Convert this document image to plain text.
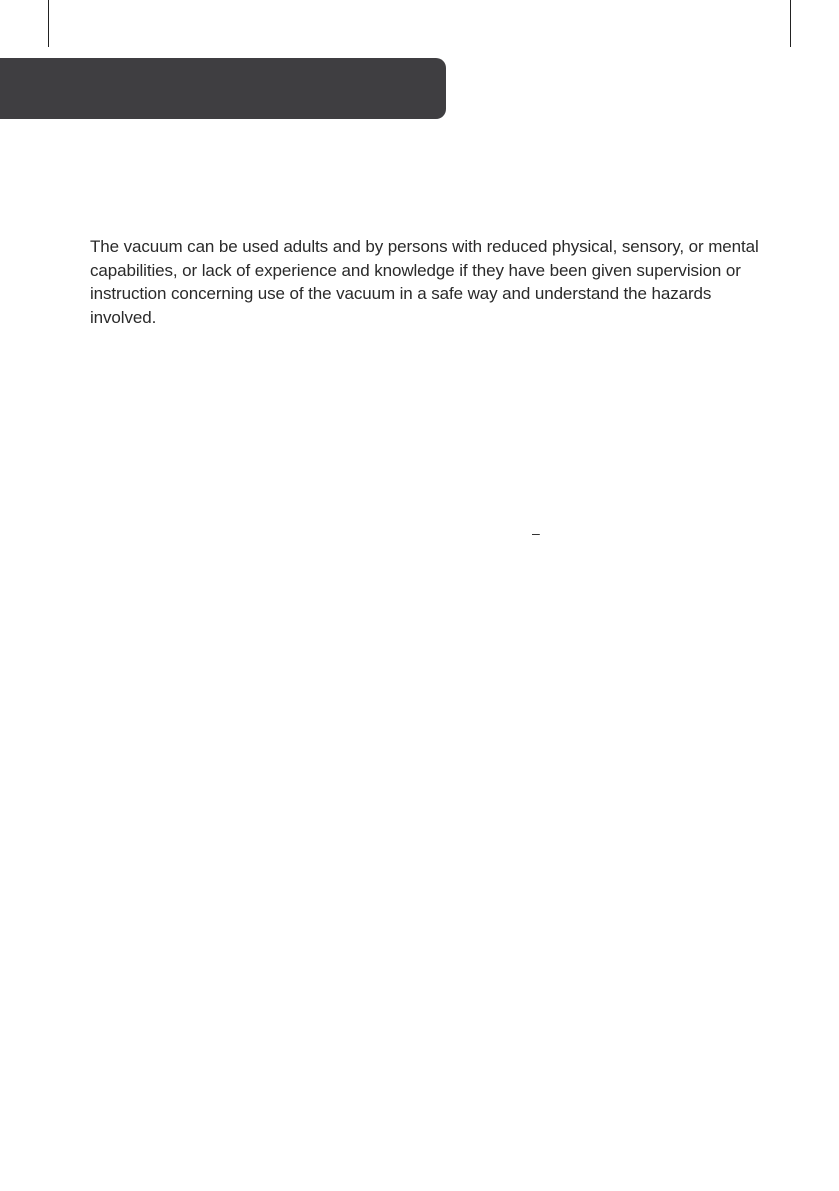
The vacuum can be used adults and by persons with reduced physical, sensory, or mental capabilities, or lack of experience and knowledge if they have been given supervision or instruction concerning use of the vacuum in a safe way and understand the hazards involved.

–
